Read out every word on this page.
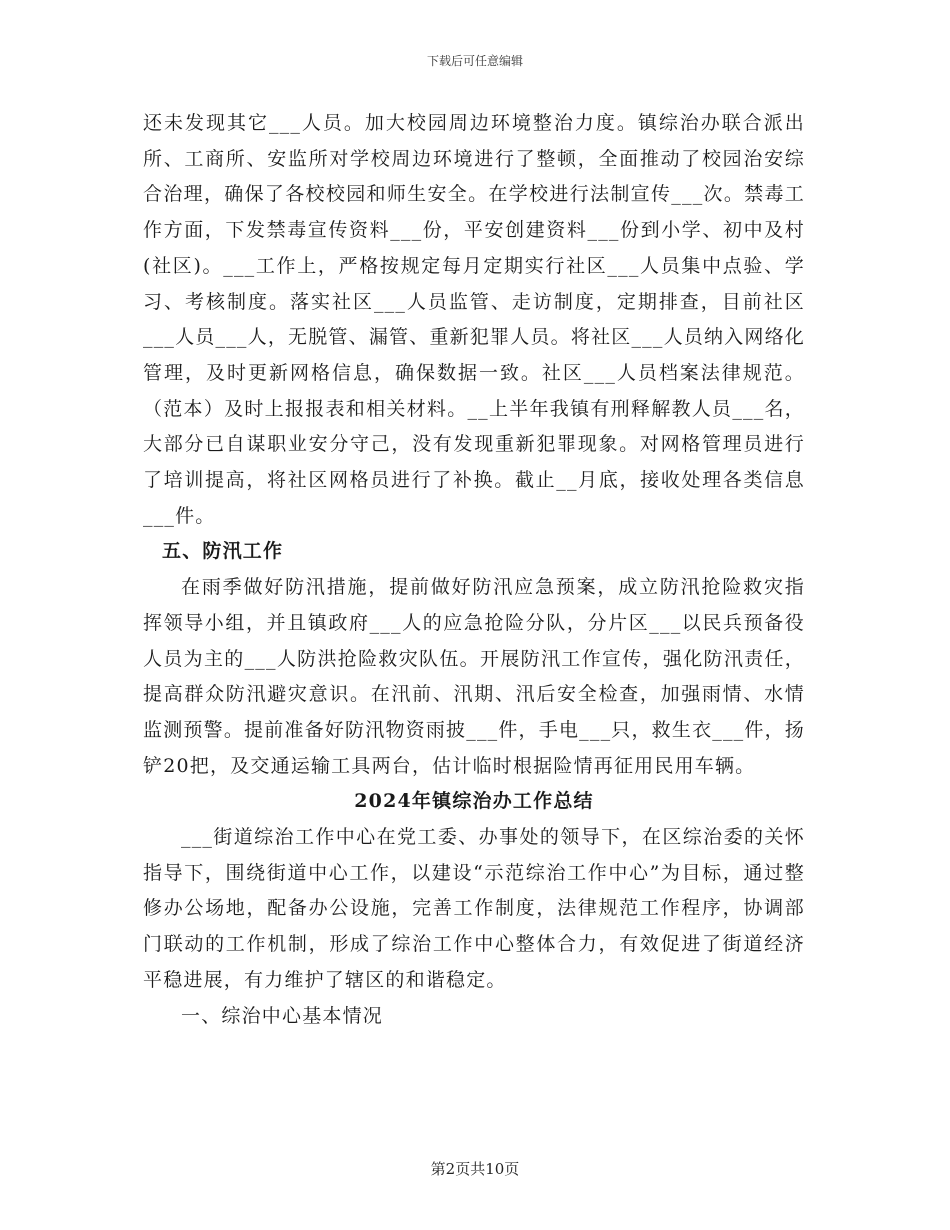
下载后可任意编辑

还未发现其它___人员。加大校园周边环境整治力度。镇综治办联合派出所、工商所、安监所对学校周边环境进行了整顿，全面推动了校园治安综合治理，确保了各校校园和师生安全。在学校进行法制宣传___次。禁毒工作方面，下发禁毒宣传资料___份，平安创建资料___份到小学、初中及村(社区)。___工作上，严格按规定每月定期实行社区___人员集中点验、学习、考核制度。落实社区___人员监管、走访制度，定期排查，目前社区___人员___人，无脱管、漏管、重新犯罪人员。将社区___人员纳入网络化管理，及时更新网格信息，确保数据一致。社区___人员档案法律规范。（范本）及时上报报表和相关材料。__上半年我镇有刑释解教人员___名，大部分已自谋职业安分守己，没有发现重新犯罪现象。对网格管理员进行了培训提高，将社区网格员进行了补换。截止__月底，接收处理各类信息___件。

五、防汛工作

在雨季做好防汛措施，提前做好防汛应急预案，成立防汛抢险救灾指挥领导小组，并且镇政府___人的应急抢险分队，分片区___以民兵预备役人员为主的___人防洪抢险救灾队伍。开展防汛工作宣传，强化防汛责任，提高群众防汛避灾意识。在汛前、汛期、汛后安全检查，加强雨情、水情监测预警。提前准备好防汛物资雨披___件，手电___只，救生衣___件，扬铲20把，及交通运输工具两台，估计临时根据险情再征用民用车辆。

2024年镇综治办工作总结

___街道综治工作中心在党工委、办事处的领导下，在区综治委的关怀指导下，围绕街道中心工作，以建设“示范综治工作中心”为目标，通过整修办公场地，配备办公设施，完善工作制度，法律规范工作程序，协调部门联动的工作机制，形成了综治工作中心整体合力，有效促进了街道经济平稳进展，有力维护了辖区的和谐稳定。

一、综治中心基本情况

第2页共10页
